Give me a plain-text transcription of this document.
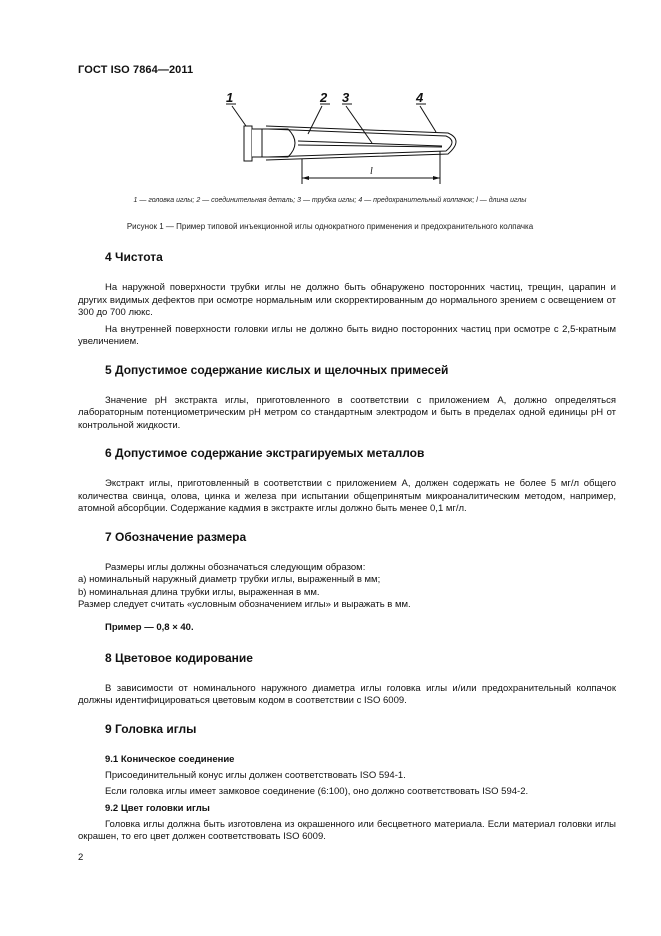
ГОСТ ISO 7864—2011
1	2 3	4
l
1 — головка иглы; 2 — соединительная деталь; 3 — трубка иглы; 4 — предохранительный колпачок; l — длина иглы
Рисунок 1 — Пример типовой инъекционной иглы однократного применения и предохранительного колпачка
4 Чистота

На наружной поверхности трубки иглы не должно быть обнаружено посторонних частиц, трещин, царапин и других видимых дефектов при осмотре нормальным или скорректированным до нормального зрением с освещением от 300 до 700 люкс.

На внутренней поверхности головки иглы не должно быть видно посторонних частиц при осмотре с 2,5-кратным увеличением.

5 Допустимое содержание кислых и щелочных примесей

Значение рН экстракта иглы, приготовленного в соответствии с приложением А, должно определяться лабораторным потенциометрическим рН метром со стандартным электродом и быть в пределах одной единицы рН от контрольной жидкости.

6 Допустимое содержание экстрагируемых металлов

Экстракт иглы, приготовленный в соответствии с приложением А, должен содержать не более 5 мг/л общего количества свинца, олова, цинка и железа при испытании общепринятым микроаналитическим методом, например, атомной абсорбции. Содержание кадмия в экстракте иглы должно быть менее 0,1 мг/л.

7 Обозначение размера

Размеры иглы должны обозначаться следующим образом:

а) номинальный наружный диаметр трубки иглы, выраженный в мм;

b) номинальная длина трубки иглы, выраженная в мм.

Размер следует считать «условным обозначением иглы» и выражать в мм.

Пример — 0,8 × 40.
8 Цветовое кодирование

В зависимости от номинального наружного диаметра иглы головка иглы и/или предохранительный колпачок должны идентифицироваться цветовым кодом в соответствии с ISO 6009.

9 Головка иглы
9.1 Коническое соединение

Присоединительный конус иглы должен соответствовать ISO 594-1.

Если головка иглы имеет замковое соединение (6:100), оно должно соответствовать ISO 594-2.

9.2 Цвет головки иглы

Головка иглы должна быть изготовлена из окрашенного или бесцветного материала. Если материал головки иглы окрашен, то его цвет должен соответствовать ISO 6009.

2
